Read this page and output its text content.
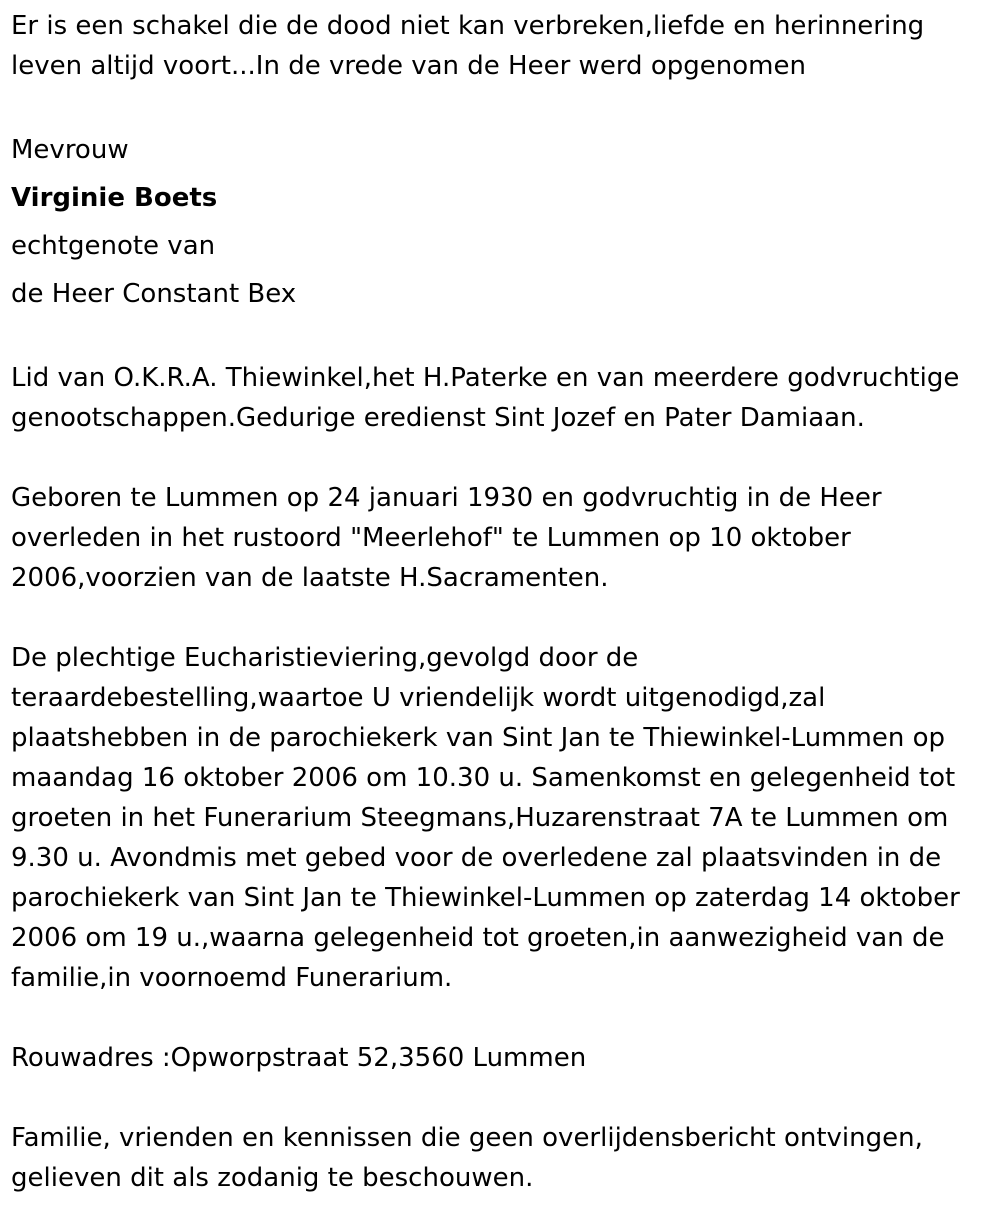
Er is een schakel die de dood niet kan verbreken,liefde en herinnering leven altijd voort...In de vrede van de Heer werd opgenomen

Mevrouw

Virginie Boets

echtgenote van

de Heer Constant Bex

Lid van O.K.R.A. Thiewinkel,het H.Paterke en van meerdere godvruchtige genootschappen.Gedurige eredienst Sint Jozef en Pater Damiaan.

Geboren te Lummen op 24 januari 1930 en godvruchtig in de Heer overleden in het rustoord "Meerlehof" te Lummen op 10 oktober 2006,voorzien van de laatste H.Sacramenten.

De plechtige Eucharistieviering,gevolgd door de teraardebestelling,waartoe U vriendelijk wordt uitgenodigd,zal plaatshebben in de parochiekerk van Sint Jan te Thiewinkel-Lummen op maandag 16 oktober 2006 om 10.30 u. Samenkomst en gelegenheid tot groeten in het Funerarium Steegmans,Huzarenstraat 7A te Lummen om 9.30 u. Avondmis met gebed voor de overledene zal plaatsvinden in de parochiekerk van Sint Jan te Thiewinkel-Lummen op zaterdag 14 oktober 2006 om 19 u.,waarna gelegenheid tot groeten,in aanwezigheid van de familie,in voornoemd Funerarium.

Rouwadres :Opworpstraat 52,3560 Lummen

Familie, vrienden en kennissen die geen overlijdensbericht ontvingen, gelieven dit als zodanig te beschouwen.
